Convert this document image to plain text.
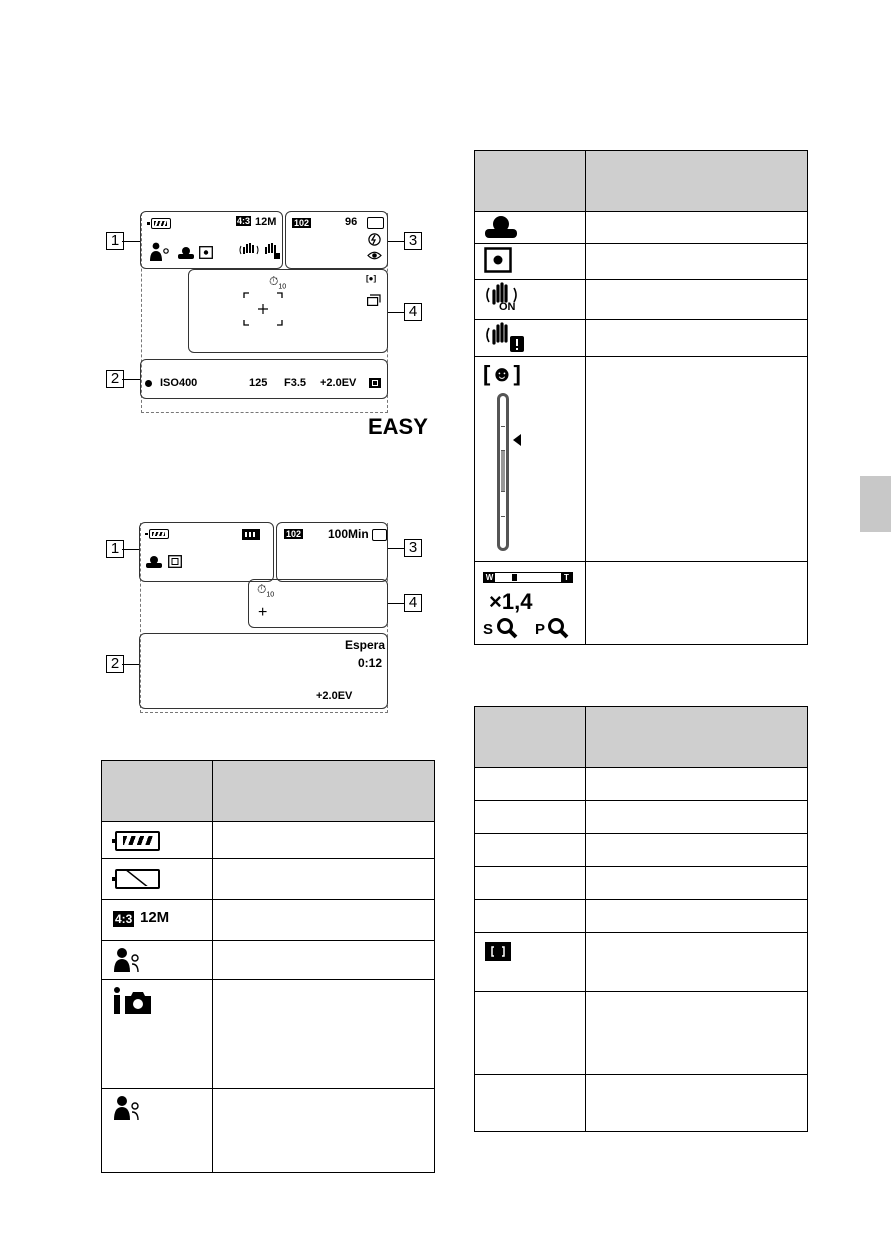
4:3 12M
1
102	96
3
$⏱_{10}$
[●]
4
ISO400	125 F3.5 +2.0EV
2
EASY
1
102 100Min
3
$⏱_{10}$
+
4
Espera
0:12
+2.0EV
2
4:3 12M
ON
[☻]
W	T
×1,4
S	P
